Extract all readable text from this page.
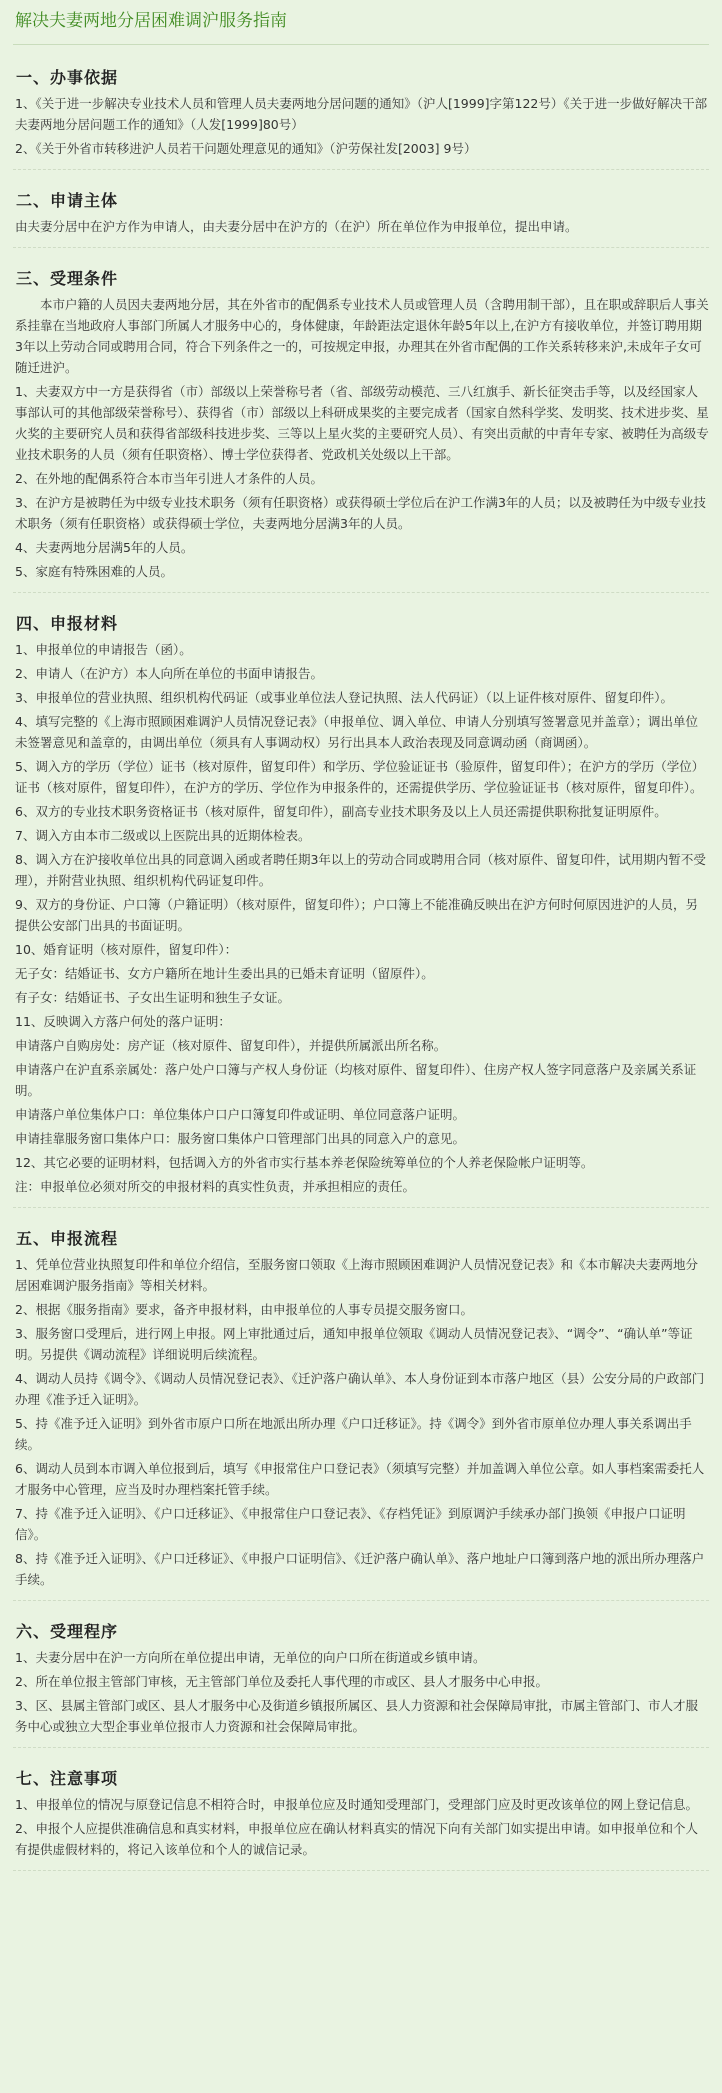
解决夫妻两地分居困难调沪服务指南
一、办事依据
1、《关于进一步解决专业技术人员和管理人员夫妻两地分居问题的通知》（沪人[1999]字第122号）《关于进一步做好解决干部夫妻两地分居问题工作的通知》（人发[1999]80号）
2、《关于外省市转移进沪人员若干问题处理意见的通知》（沪劳保社发[2003] 9号）
二、申请主体
由夫妻分居中在沪方作为申请人，由夫妻分居中在沪方的（在沪）所在单位作为申报单位，提出申请。
三、受理条件
本市户籍的人员因夫妻两地分居，其在外省市的配偶系专业技术人员或管理人员（含聘用制干部），且在职或辞职后人事关系挂靠在当地政府人事部门所属人才服务中心的，身体健康，年龄距法定退休年龄5年以上,在沪方有接收单位，并签订聘用期3年以上劳动合同或聘用合同，符合下列条件之一的，可按规定申报，办理其在外省市配偶的工作关系转移来沪,未成年子女可随迁进沪。
1、夫妻双方中一方是获得省（市）部级以上荣誉称号者（省、部级劳动模范、三八红旗手、新长征突击手等，以及经国家人事部认可的其他部级荣誉称号）、获得省（市）部级以上科研成果奖的主要完成者（国家自然科学奖、发明奖、技术进步奖、星火奖的主要研究人员和获得省部级科技进步奖、三等以上星火奖的主要研究人员）、有突出贡献的中青年专家、被聘任为高级专业技术职务的人员（须有任职资格）、博士学位获得者、党政机关处级以上干部。
2、在外地的配偶系符合本市当年引进人才条件的人员。
3、在沪方是被聘任为中级专业技术职务（须有任职资格）或获得硕士学位后在沪工作满3年的人员；以及被聘任为中级专业技术职务（须有任职资格）或获得硕士学位，夫妻两地分居满3年的人员。
4、夫妻两地分居满5年的人员。
5、家庭有特殊困难的人员。
四、申报材料
1、申报单位的申请报告（函）。
2、申请人（在沪方）本人向所在单位的书面申请报告。
3、申报单位的营业执照、组织机构代码证（或事业单位法人登记执照、法人代码证）（以上证件核对原件、留复印件）。
4、填写完整的《上海市照顾困难调沪人员情况登记表》（申报单位、调入单位、申请人分别填写签署意见并盖章）；调出单位未签署意见和盖章的，由调出单位（须具有人事调动权）另行出具本人政治表现及同意调动函（商调函）。
5、调入方的学历（学位）证书（核对原件，留复印件）和学历、学位验证证书（验原件，留复印件）；在沪方的学历（学位）证书（核对原件，留复印件），在沪方的学历、学位作为申报条件的，还需提供学历、学位验证证书（核对原件，留复印件）。
6、双方的专业技术职务资格证书（核对原件，留复印件），副高专业技术职务及以上人员还需提供职称批复证明原件。
7、调入方由本市二级或以上医院出具的近期体检表。
8、调入方在沪接收单位出具的同意调入函或者聘任期3年以上的劳动合同或聘用合同（核对原件、留复印件，试用期内暂不受理），并附营业执照、组织机构代码证复印件。
9、双方的身份证、户口簿（户籍证明）（核对原件，留复印件）；户口簿上不能准确反映出在沪方何时何原因进沪的人员，另提供公安部门出具的书面证明。
10、婚育证明（核对原件，留复印件）：
无子女：结婚证书、女方户籍所在地计生委出具的已婚未育证明（留原件）。
有子女：结婚证书、子女出生证明和独生子女证。
11、反映调入方落户何处的落户证明：
申请落户自购房处：房产证（核对原件、留复印件），并提供所属派出所名称。
申请落户在沪直系亲属处：落户处户口簿与产权人身份证（均核对原件、留复印件）、住房产权人签字同意落户及亲属关系证明。
申请落户单位集体户口：单位集体户口户口簿复印件或证明、单位同意落户证明。
申请挂靠服务窗口集体户口：服务窗口集体户口管理部门出具的同意入户的意见。
12、其它必要的证明材料，包括调入方的外省市实行基本养老保险统筹单位的个人养老保险帐户证明等。
注：申报单位必须对所交的申报材料的真实性负责，并承担相应的责任。
五、申报流程
1、凭单位营业执照复印件和单位介绍信，至服务窗口领取《上海市照顾困难调沪人员情况登记表》和《本市解决夫妻两地分居困难调沪服务指南》等相关材料。
2、根据《服务指南》要求，备齐申报材料，由申报单位的人事专员提交服务窗口。
3、服务窗口受理后，进行网上申报。网上审批通过后，通知申报单位领取《调动人员情况登记表》、“调令”、“确认单”等证明。另提供《调动流程》详细说明后续流程。
4、调动人员持《调令》、《调动人员情况登记表》、《迁沪落户确认单》、本人身份证到本市落户地区（县）公安分局的户政部门办理《准予迁入证明》。
5、持《准予迁入证明》到外省市原户口所在地派出所办理《户口迁移证》。持《调令》到外省市原单位办理人事关系调出手续。
6、调动人员到本市调入单位报到后，填写《申报常住户口登记表》（须填写完整）并加盖调入单位公章。如人事档案需委托人才服务中心管理，应当及时办理档案托管手续。
7、持《准予迁入证明》、《户口迁移证》、《申报常住户口登记表》、《存档凭证》到原调沪手续承办部门换领《申报户口证明信》。
8、持《准予迁入证明》、《户口迁移证》、《申报户口证明信》、《迁沪落户确认单》、落户地址户口簿到落户地的派出所办理落户手续。
六、受理程序
1、夫妻分居中在沪一方向所在单位提出申请，无单位的向户口所在街道或乡镇申请。
2、所在单位报主管部门审核，无主管部门单位及委托人事代理的市或区、县人才服务中心申报。
3、区、县属主管部门或区、县人才服务中心及街道乡镇报所属区、县人力资源和社会保障局审批，市属主管部门、市人才服务中心或独立大型企事业单位报市人力资源和社会保障局审批。
七、注意事项
1、申报单位的情况与原登记信息不相符合时，申报单位应及时通知受理部门，受理部门应及时更改该单位的网上登记信息。
2、申报个人应提供准确信息和真实材料，申报单位应在确认材料真实的情况下向有关部门如实提出申请。如申报单位和个人有提供虚假材料的，将记入该单位和个人的诚信记录。
